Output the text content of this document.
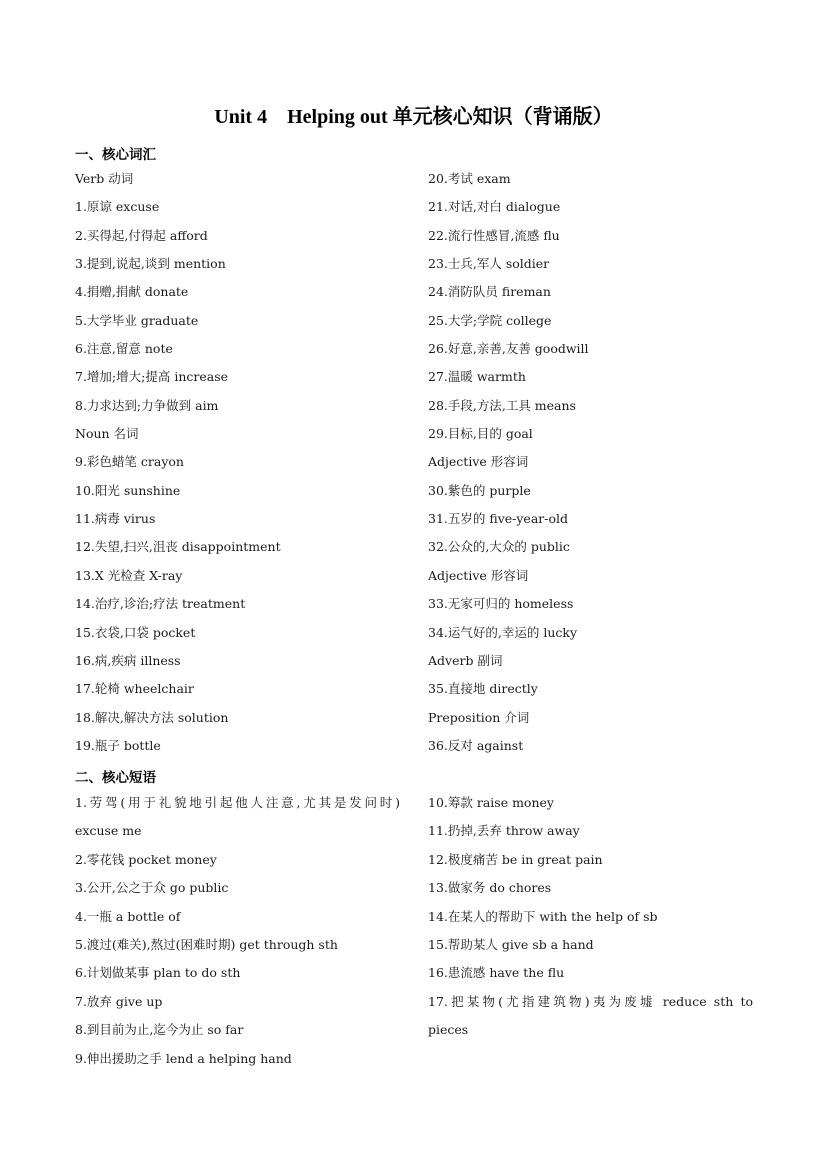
Unit 4　Helping out 单元核心知识（背诵版）
一、核心词汇
Verb 动词
1.原谅 excuse
2.买得起,付得起 afford
3.提到,说起,谈到 mention
4.捐赠,捐献 donate
5.大学毕业 graduate
6.注意,留意 note
7.增加;增大;提高 increase
8.力求达到;力争做到 aim
Noun 名词
9.彩色蜡笔 crayon
10.阳光 sunshine
11.病毒 virus
12.失望,扫兴,沮丧 disappointment
13.X 光检查 X-ray
14.治疗,诊治;疗法 treatment
15.衣袋,口袋 pocket
16.病,疾病 illness
17.轮椅 wheelchair
18.解决,解决方法 solution
19.瓶子 bottle
20.考试 exam
21.对话,对白 dialogue
22.流行性感冒,流感 flu
23.士兵,军人 soldier
24.消防队员 fireman
25.大学;学院 college
26.好意,亲善,友善 goodwill
27.温暖 warmth
28.手段,方法,工具 means
29.目标,目的 goal
Adjective 形容词
30.紫色的 purple
31.五岁的 five-year-old
32.公众的,大众的 public
Adjective 形容词
33.无家可归的 homeless
34.运气好的,幸运的 lucky
Adverb 副词
35.直接地 directly
Preposition 介词
36.反对 against
二、核心短语
1.劳驾(用于礼貌地引起他人注意,尤其是发问时)
excuse me
2.零花钱 pocket money
3.公开,公之于众 go public
4.一瓶 a bottle of
5.渡过(难关),熬过(困难时期) get through sth
6.计划做某事 plan to do sth
7.放弃 give up
8.到目前为止,迄今为止 so far
9.伸出援助之手 lend a helping hand
10.筹款 raise money
11.扔掉,丢弃 throw away
12.极度痛苦 be in great pain
13.做家务 do chores
14.在某人的帮助下 with the help of sb
15.帮助某人 give sb a hand
16.患流感 have the flu
17.把某物(尤指建筑物)夷为废墟 reduce sth to
pieces
